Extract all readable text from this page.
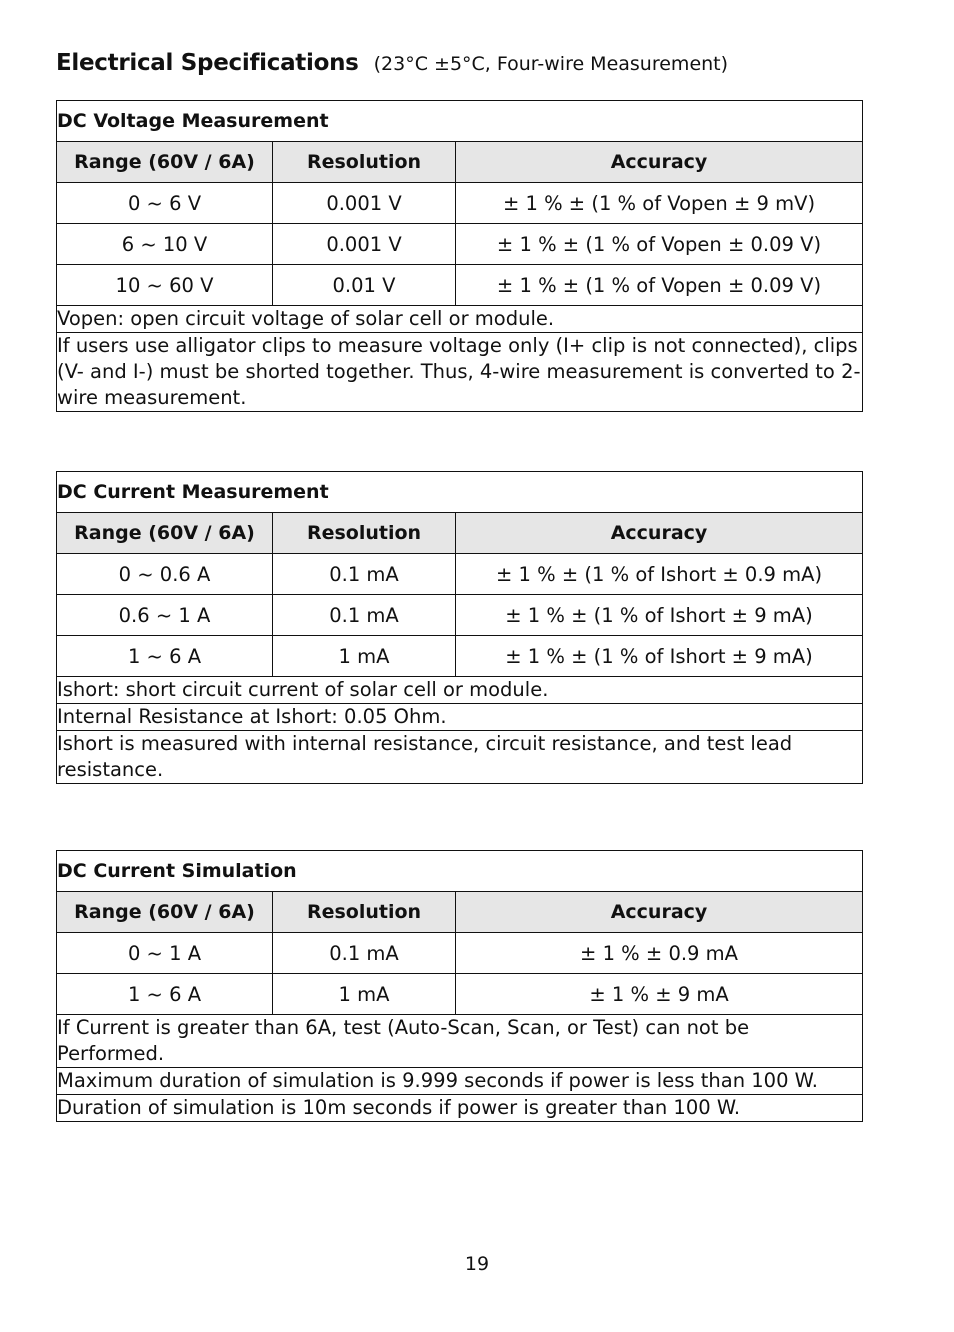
Electrical Specifications (23°C ±5°C, Four-wire Measurement)
DC Voltage Measurement		
Range (60V / 6A)	Resolution	Accuracy
0 ~ 6 V	0.001 V	± 1 % ± (1 % of Vopen ± 9 mV)
6 ~ 10 V	0.001 V	± 1 % ± (1 % of Vopen ± 0.09 V)
10 ~ 60 V	0.01 V	± 1 % ± (1 % of Vopen ± 0.09 V)
Vopen: open circuit voltage of solar cell or module.		
If users use alligator clips to measure voltage only (I+ clip is not connected), clips (V- and I-) must be shorted together. Thus, 4-wire measurement is converted to 2-wire measurement.		
DC Current Measurement		
Range (60V / 6A)	Resolution	Accuracy
0 ~ 0.6 A	0.1 mA	± 1 % ± (1 % of Ishort ± 0.9 mA)
0.6 ~ 1 A	0.1 mA	± 1 % ± (1 % of Ishort ± 9 mA)
1 ~ 6 A	1 mA	± 1 % ± (1 % of Ishort ± 9 mA)
Ishort: short circuit current of solar cell or module.		
Internal Resistance at Ishort: 0.05 Ohm.		
Ishort is measured with internal resistance, circuit resistance, and test lead resistance.		
DC Current Simulation		
Range (60V / 6A)	Resolution	Accuracy
0 ~ 1 A	0.1 mA	± 1 % ± 0.9 mA
1 ~ 6 A	1 mA	± 1 % ± 9 mA
If Current is greater than 6A, test (Auto-Scan, Scan, or Test) can not be Performed.		
Maximum duration of simulation is 9.999 seconds if power is less than 100 W.		
Duration of simulation is 10m seconds if power is greater than 100 W.		
19
